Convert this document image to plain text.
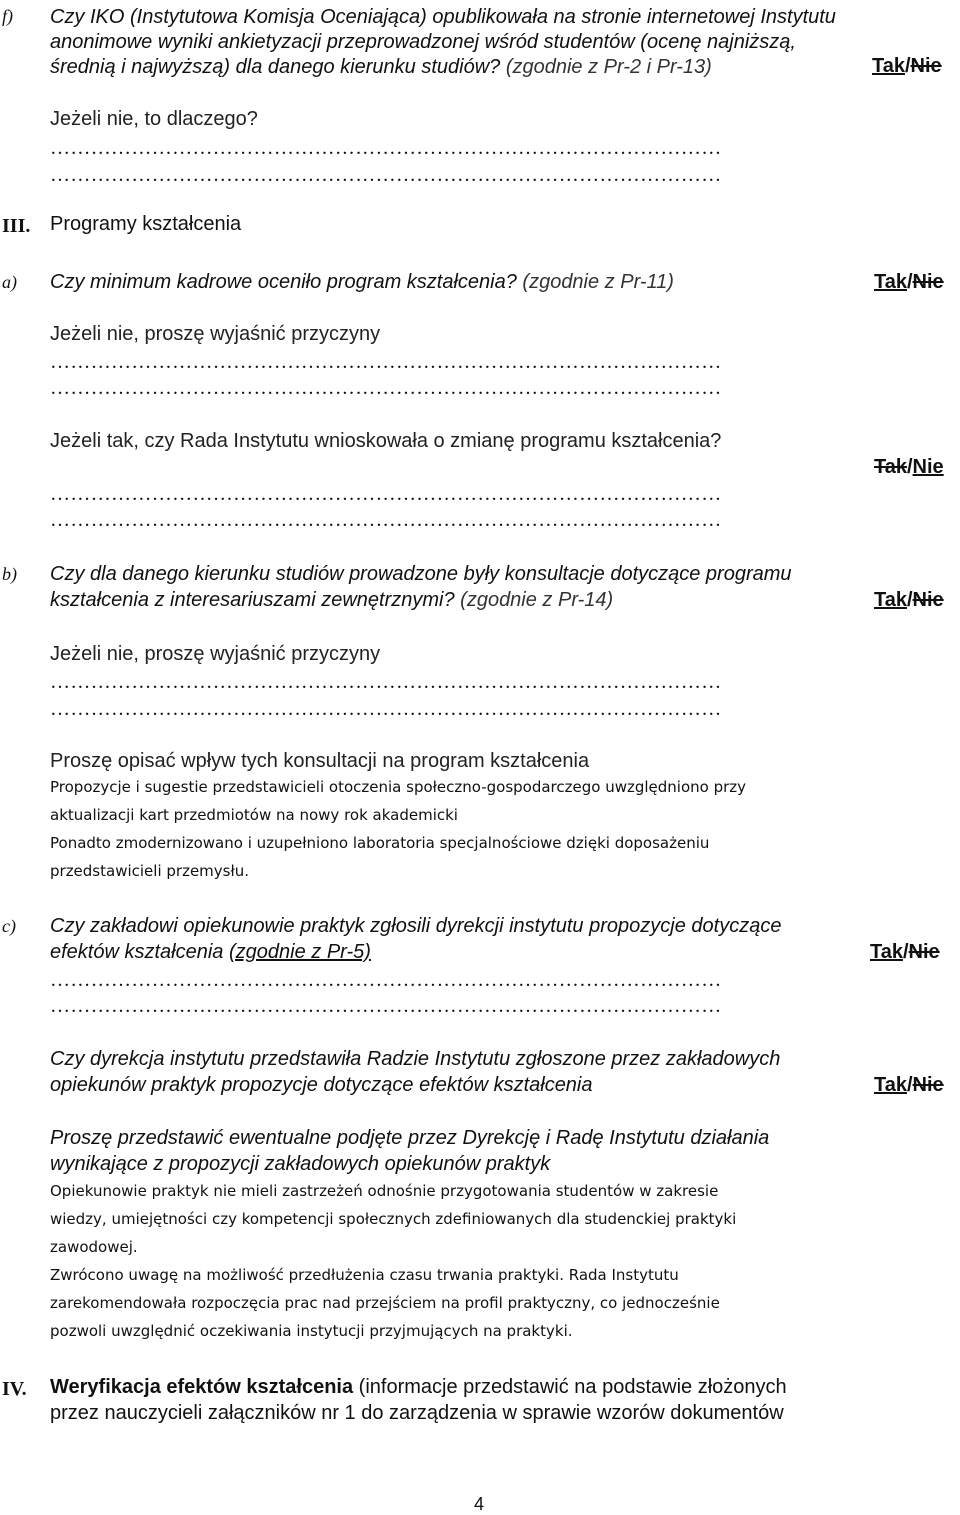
f) Czy IKO (Instytutowa Komisja Oceniająca) opublikowała na stronie internetowej Instytutu
anonimowe wyniki ankietyzacji przeprowadzonej wśród studentów (ocenę najniższą,
średnią i najwyższą) dla danego kierunku studiów? (zgodnie z Pr-2 i Pr-13)	Tak/Nie
Jeżeli nie, to dlaczego?
………………………………………………………………………………………
………………………………………………………………………………………
III. Programy kształcenia
a) Czy minimum kadrowe oceniło program kształcenia? (zgodnie z Pr-11)	Tak/Nie
Jeżeli nie, proszę wyjaśnić przyczyny
………………………………………………………………………………………
………………………………………………………………………………………
Jeżeli tak, czy Rada Instytutu wnioskowała o zmianę programu kształcenia?
Tak/Nie
………………………………………………………………………………………
………………………………………………………………………………………
b) Czy dla danego kierunku studiów prowadzone były konsultacje dotyczące programu
kształcenia z interesariuszami zewnętrznymi? (zgodnie z Pr-14)	Tak/Nie
Jeżeli nie, proszę wyjaśnić przyczyny
………………………………………………………………………………………
………………………………………………………………………………………
Proszę opisać wpływ tych konsultacji na program kształcenia
Propozycje i sugestie przedstawicieli otoczenia społeczno-gospodarczego uwzględniono przy
aktualizacji kart przedmiotów na nowy rok akademicki
Ponadto zmodernizowano i uzupełniono laboratoria specjalnościowe dzięki doposażeniu
przedstawicieli przemysłu.
c) Czy zakładowi opiekunowie praktyk zgłosili dyrekcji instytutu propozycje dotyczące
efektów kształcenia (zgodnie z Pr-5)	Tak/Nie
………………………………………………………………………………………
………………………………………………………………………………………
Czy dyrekcja instytutu przedstawiła Radzie Instytutu zgłoszone przez zakładowych
opiekunów praktyk propozycje dotyczące efektów kształcenia	Tak/Nie
Proszę przedstawić ewentualne podjęte przez Dyrekcję i Radę Instytutu działania
wynikające z propozycji zakładowych opiekunów praktyk
Opiekunowie praktyk nie mieli zastrzeżeń odnośnie przygotowania studentów w zakresie
wiedzy, umiejętności czy kompetencji społecznych zdefiniowanych dla studenckiej praktyki
zawodowej.
Zwrócono uwagę na możliwość przedłużenia czasu trwania praktyki. Rada Instytutu
zarekomendowała rozpoczęcia prac nad przejściem na profil praktyczny, co jednocześnie
pozwoli uwzględnić oczekiwania instytucji przyjmujących na praktyki.
IV. Weryfikacja efektów kształcenia (informacje przedstawić na podstawie złożonych
przez nauczycieli załączników nr 1 do zarządzenia w sprawie wzorów dokumentów
4
